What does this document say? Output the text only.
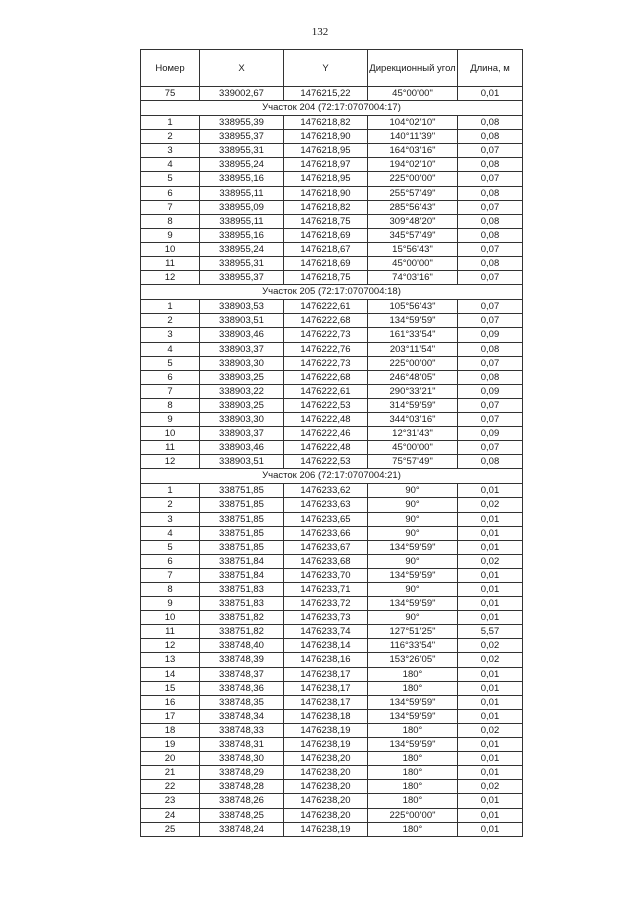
132
Номер	X	Y	Дирекционный угол	Длина, м
75	339002,67	1476215,22	45°00'00"	0,01
Участок 204 (72:17:0707004:17)				
1	338955,39	1476218,82	104°02'10"	0,08
2	338955,37	1476218,90	140°11'39"	0,08
3	338955,31	1476218,95	164°03'16"	0,07
4	338955,24	1476218,97	194°02'10"	0,08
5	338955,16	1476218,95	225°00'00"	0,07
6	338955,11	1476218,90	255°57'49"	0,08
7	338955,09	1476218,82	285°56'43"	0,07
8	338955,11	1476218,75	309°48'20"	0,08
9	338955,16	1476218,69	345°57'49"	0,08
10	338955,24	1476218,67	15°56'43"	0,07
11	338955,31	1476218,69	45°00'00"	0,08
12	338955,37	1476218,75	74°03'16"	0,07
Участок 205 (72:17:0707004:18)				
1	338903,53	1476222,61	105°56'43"	0,07
2	338903,51	1476222,68	134°59'59"	0,07
3	338903,46	1476222,73	161°33'54"	0,09
4	338903,37	1476222,76	203°11'54"	0,08
5	338903,30	1476222,73	225°00'00"	0,07
6	338903,25	1476222,68	246°48'05"	0,08
7	338903,22	1476222,61	290°33'21"	0,09
8	338903,25	1476222,53	314°59'59"	0,07
9	338903,30	1476222,48	344°03'16"	0,07
10	338903,37	1476222,46	12°31'43"	0,09
11	338903,46	1476222,48	45°00'00"	0,07
12	338903,51	1476222,53	75°57'49"	0,08
Участок 206 (72:17:0707004:21)				
1	338751,85	1476233,62	90°	0,01
2	338751,85	1476233,63	90°	0,02
3	338751,85	1476233,65	90°	0,01
4	338751,85	1476233,66	90°	0,01
5	338751,85	1476233,67	134°59'59"	0,01
6	338751,84	1476233,68	90°	0,02
7	338751,84	1476233,70	134°59'59"	0,01
8	338751,83	1476233,71	90°	0,01
9	338751,83	1476233,72	134°59'59"	0,01
10	338751,82	1476233,73	90°	0,01
11	338751,82	1476233,74	127°51'25"	5,57
12	338748,40	1476238,14	116°33'54"	0,02
13	338748,39	1476238,16	153°26'05"	0,02
14	338748,37	1476238,17	180°	0,01
15	338748,36	1476238,17	180°	0,01
16	338748,35	1476238,17	134°59'59"	0,01
17	338748,34	1476238,18	134°59'59"	0,01
18	338748,33	1476238,19	180°	0,02
19	338748,31	1476238,19	134°59'59"	0,01
20	338748,30	1476238,20	180°	0,01
21	338748,29	1476238,20	180°	0,01
22	338748,28	1476238,20	180°	0,02
23	338748,26	1476238,20	180°	0,01
24	338748,25	1476238,20	225°00'00"	0,01
25	338748,24	1476238,19	180°	0,01
